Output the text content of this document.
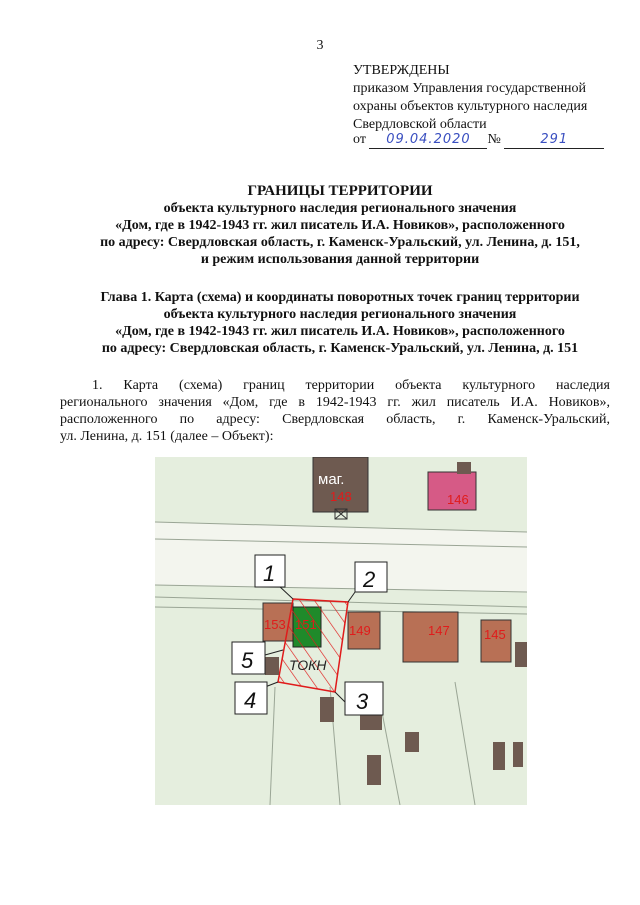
3
УТВЕРЖДЕНЫ
приказом Управления государственной
охраны объектов культурного наследия
Свердловской области
от 09.04.2020 №	291
ГРАНИЦЫ ТЕРРИТОРИИ
объекта культурного наследия регионального значения
«Дом, где в 1942-1943 гг. жил писатель И.А. Новиков», расположенного
по адресу: Свердловская область, г. Каменск-Уральский, ул. Ленина, д. 151,
и режим использования данной территории
Глава 1. Карта (схема) и координаты поворотных точек границ территории
объекта культурного наследия регионального значения
«Дом, где в 1942-1943 гг. жил писатель И.А. Новиков», расположенного
по адресу: Свердловская область, г. Каменск-Уральский, ул. Ленина, д. 151
1. Карта (схема) границ территории объекта культурного наследия
регионального значения «Дом, где в 1942-1943 гг. жил писатель И.А. Новиков»,
расположенного по адресу: Свердловская область, г. Каменск-Уральский,
ул. Ленина, д. 151 (далее – Объект):
маг.
148	146
153	149	147	145
ТОКН
1	2
3
4
5
